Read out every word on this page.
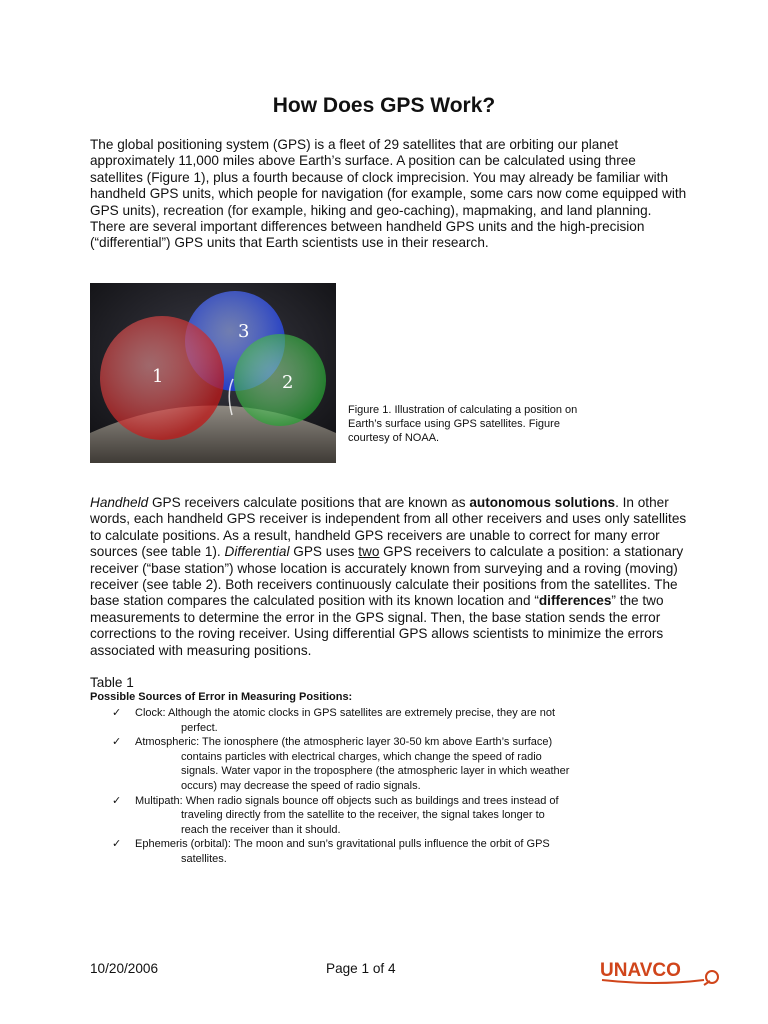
How Does GPS Work?

The global positioning system (GPS) is a fleet of 29 satellites that are orbiting our planet approximately 11,000 miles above Earth’s surface. A position can be calculated using three satellites (Figure 1), plus a fourth because of clock imprecision. You may already be familiar with handheld GPS units, which people for navigation (for example, some cars now come equipped with GPS units), recreation (for example, hiking and geo-caching), mapmaking, and land planning. There are several important differences between handheld GPS units and the high-precision (“differential”) GPS units that Earth scientists use in their research.

3
1	2

Figure 1. Illustration of calculating a position on Earth’s surface using GPS satellites. Figure courtesy of NOAA.

Handheld GPS receivers calculate positions that are known as autonomous solutions. In other words, each handheld GPS receiver is independent from all other receivers and uses only satellites to calculate positions. As a result, handheld GPS receivers are unable to correct for many error sources (see table 1). Differential GPS uses two GPS receivers to calculate a position: a stationary receiver (“base station”) whose location is accurately known from surveying and a roving (moving) receiver (see table 2). Both receivers continuously calculate their positions from the satellites. The base station compares the calculated position with its known location and “differences” the two measurements to determine the error in the GPS signal. Then, the base station sends the error corrections to the roving receiver. Using differential GPS allows scientists to minimize the errors associated with measuring positions.

Table 1

Possible Sources of Error in Measuring Positions:

✓	Clock: Although the atomic clocks in GPS satellites are extremely precise, they are not
perfect.
✓	Atmospheric: The ionosphere (the atmospheric layer 30-50 km above Earth’s surface)
contains particles with electrical charges, which change the speed of radio
signals. Water vapor in the troposphere (the atmospheric layer in which weather
occurs) may decrease the speed of radio signals.
✓	Multipath: When radio signals bounce off objects such as buildings and trees instead of
traveling directly from the satellite to the receiver, the signal takes longer to
reach the receiver than it should.
✓	Ephemeris (orbital): The moon and sun’s gravitational pulls influence the orbit of GPS
satellites.
10/20/2006	Page 1 of 4	UNAVCO
